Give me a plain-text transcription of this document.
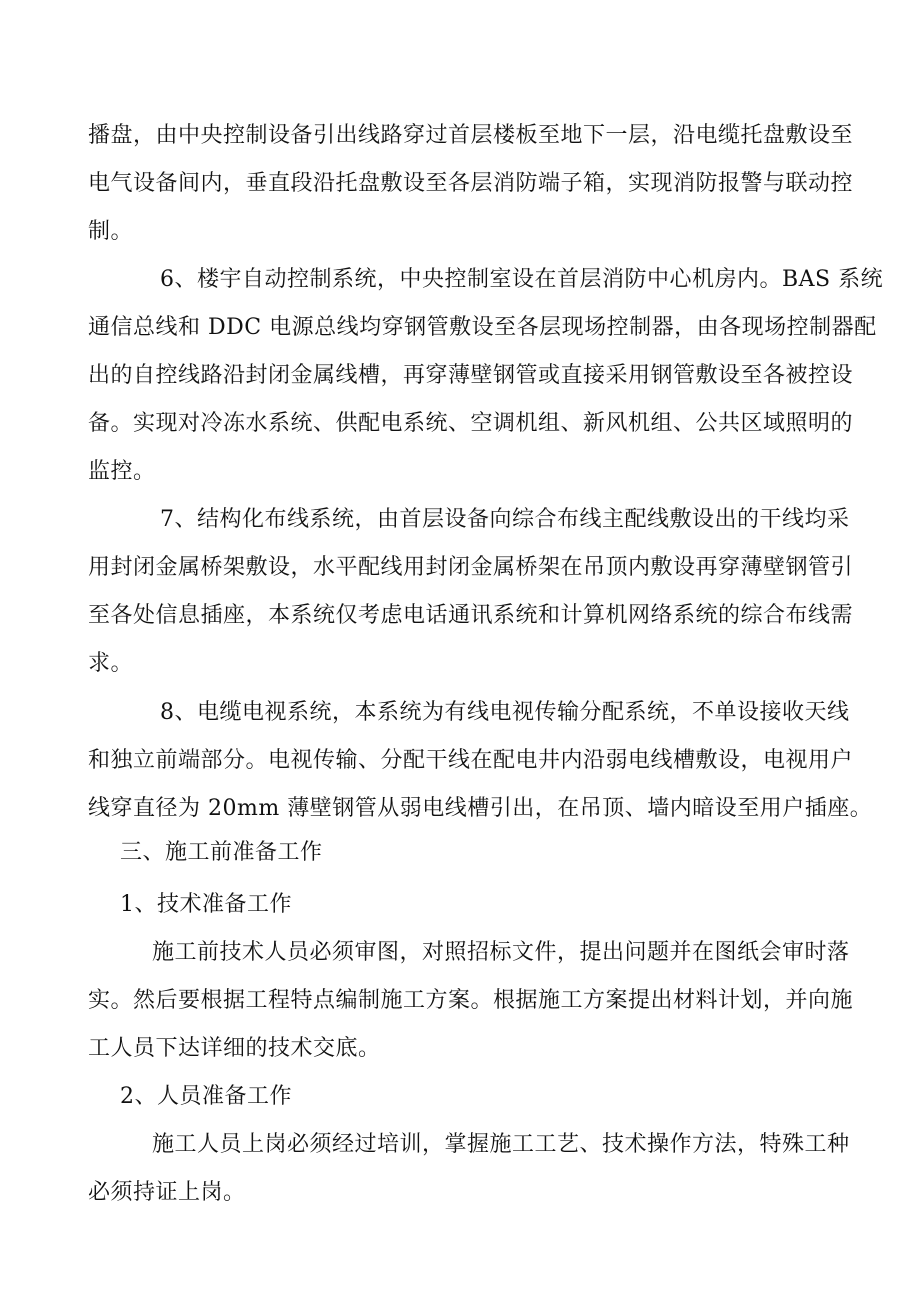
播盘，由中央控制设备引出线路穿过首层楼板至地下一层，沿电缆托盘敷设至

电气设备间内，垂直段沿托盘敷设至各层消防端子箱，实现消防报警与联动控

制。

6、楼宇自动控制系统，中央控制室设在首层消防中心机房内。BAS 系统

通信总线和 DDC 电源总线均穿钢管敷设至各层现场控制器，由各现场控制器配

出的自控线路沿封闭金属线槽，再穿薄壁钢管或直接采用钢管敷设至各被控设

备。实现对冷冻水系统、供配电系统、空调机组、新风机组、公共区域照明的

监控。

7、结构化布线系统，由首层设备向综合布线主配线敷设出的干线均采

用封闭金属桥架敷设，水平配线用封闭金属桥架在吊顶内敷设再穿薄壁钢管引

至各处信息插座，本系统仅考虑电话通讯系统和计算机网络系统的综合布线需

求。

8、电缆电视系统，本系统为有线电视传输分配系统，不单设接收天线

和独立前端部分。电视传输、分配干线在配电井内沿弱电线槽敷设，电视用户

线穿直径为 20mm 薄壁钢管从弱电线槽引出，在吊顶、墙内暗设至用户插座。

三、施工前准备工作
1、技术准备工作

施工前技术人员必须审图，对照招标文件，提出问题并在图纸会审时落

实。然后要根据工程特点编制施工方案。根据施工方案提出材料计划，并向施

工人员下达详细的技术交底。

2、人员准备工作

施工人员上岗必须经过培训，掌握施工工艺、技术操作方法，特殊工种

必须持证上岗。
